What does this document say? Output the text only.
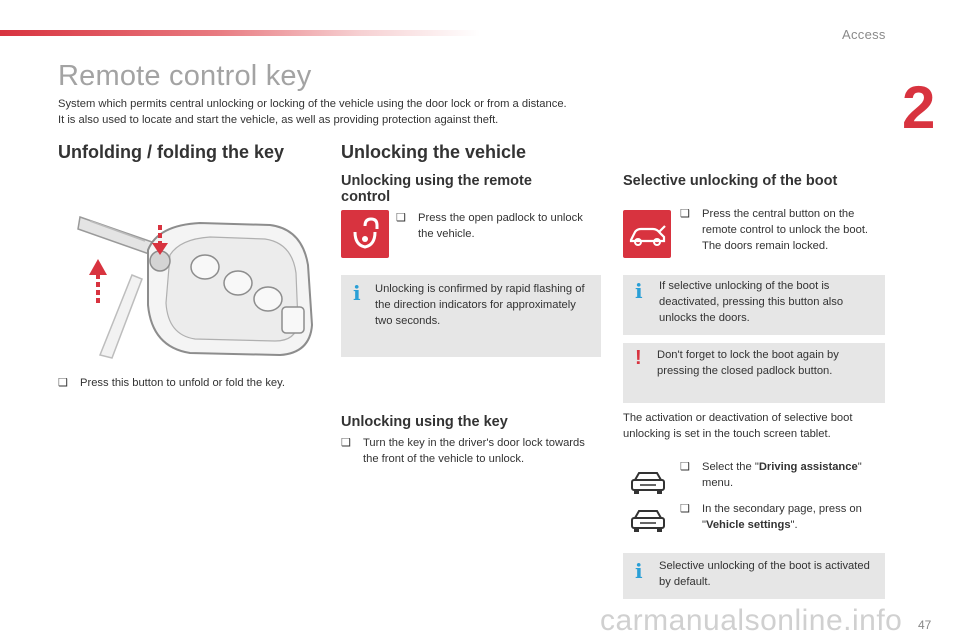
Access
2
Remote control key
System which permits central unlocking or locking of the vehicle using the door lock or from a distance.
It is also used to locate and start the vehicle, as well as providing protection against theft.
Unfolding / folding the key
❑ Press this button to unfold or fold the key.
Unlocking the vehicle
Unlocking using the remote
control
❑ Press the open padlock to unlock the vehicle.
i Unlocking is confirmed by rapid flashing of the direction indicators for approximately two seconds.
Unlocking using the key
❑ Turn the key in the driver's door lock towards the front of the vehicle to unlock.
Selective unlocking of the boot
❑ Press the central button on the remote control to unlock the boot. The doors remain locked.
i If selective unlocking of the boot is deactivated, pressing this button also unlocks the doors.
! Don't forget to lock the boot again by pressing the closed padlock button.
The activation or deactivation of selective boot unlocking is set in the touch screen tablet.
❑ Select the "Driving assistance" menu.
❑ In the secondary page, press on "Vehicle settings".
i Selective unlocking of the boot is activated by default.
carmanualsonline.info 47
